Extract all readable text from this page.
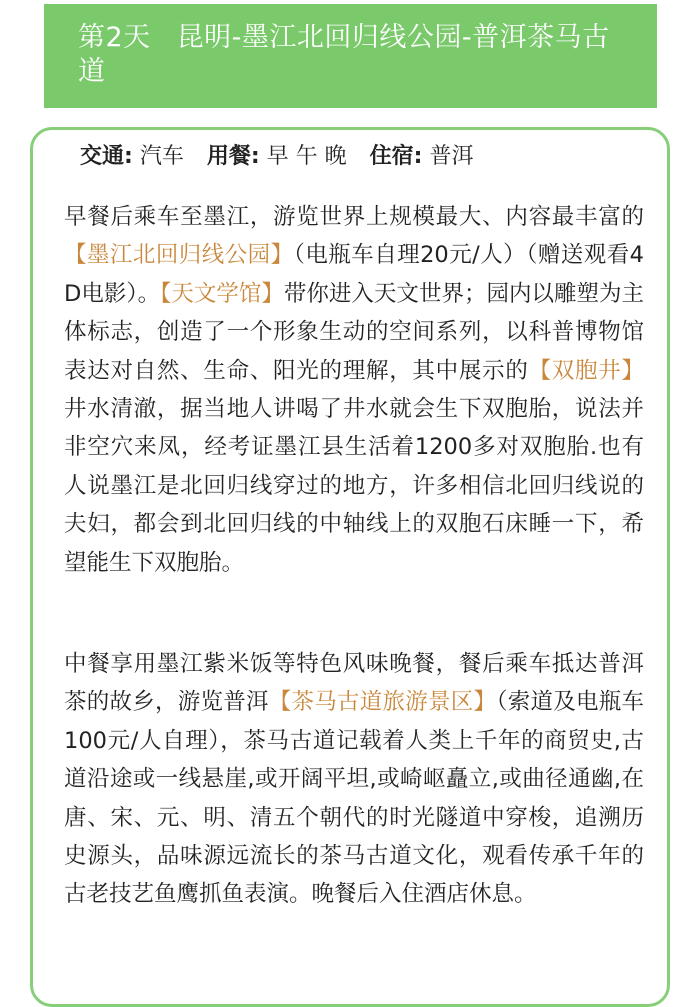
第2天 昆明-墨江北回归线公园-普洱茶马古道
交通: 汽车 用餐: 早 午 晚 住宿: 普洱

早餐后乘车至墨江，游览世界上规模最大、内容最丰富的【墨江北回归线公园】（电瓶车自理20元/人）（赠送观看4D电影）。【天文学馆】带你进入天文世界；园内以雕塑为主体标志，创造了一个形象生动的空间系列，以科普博物馆表达对自然、生命、阳光的理解，其中展示的【双胞井】井水清澈，据当地人讲喝了井水就会生下双胞胎，说法并非空穴来凤，经考证墨江县生活着1200多对双胞胎.也有人说墨江是北回归线穿过的地方，许多相信北回归线说的夫妇，都会到北回归线的中轴线上的双胞石床睡一下，希望能生下双胞胎。

中餐享用墨江紫米饭等特色风味晚餐，餐后乘车抵达普洱茶的故乡，游览普洱【茶马古道旅游景区】（索道及电瓶车100元/人自理），茶马古道记载着人类上千年的商贸史,古道沿途或一线悬崖,或开阔平坦,或崎岖矗立,或曲径通幽,在唐、宋、元、明、清五个朝代的时光隧道中穿梭，追溯历史源头，品味源远流长的茶马古道文化，观看传承千年的古老技艺鱼鹰抓鱼表演。晚餐后入住酒店休息。
